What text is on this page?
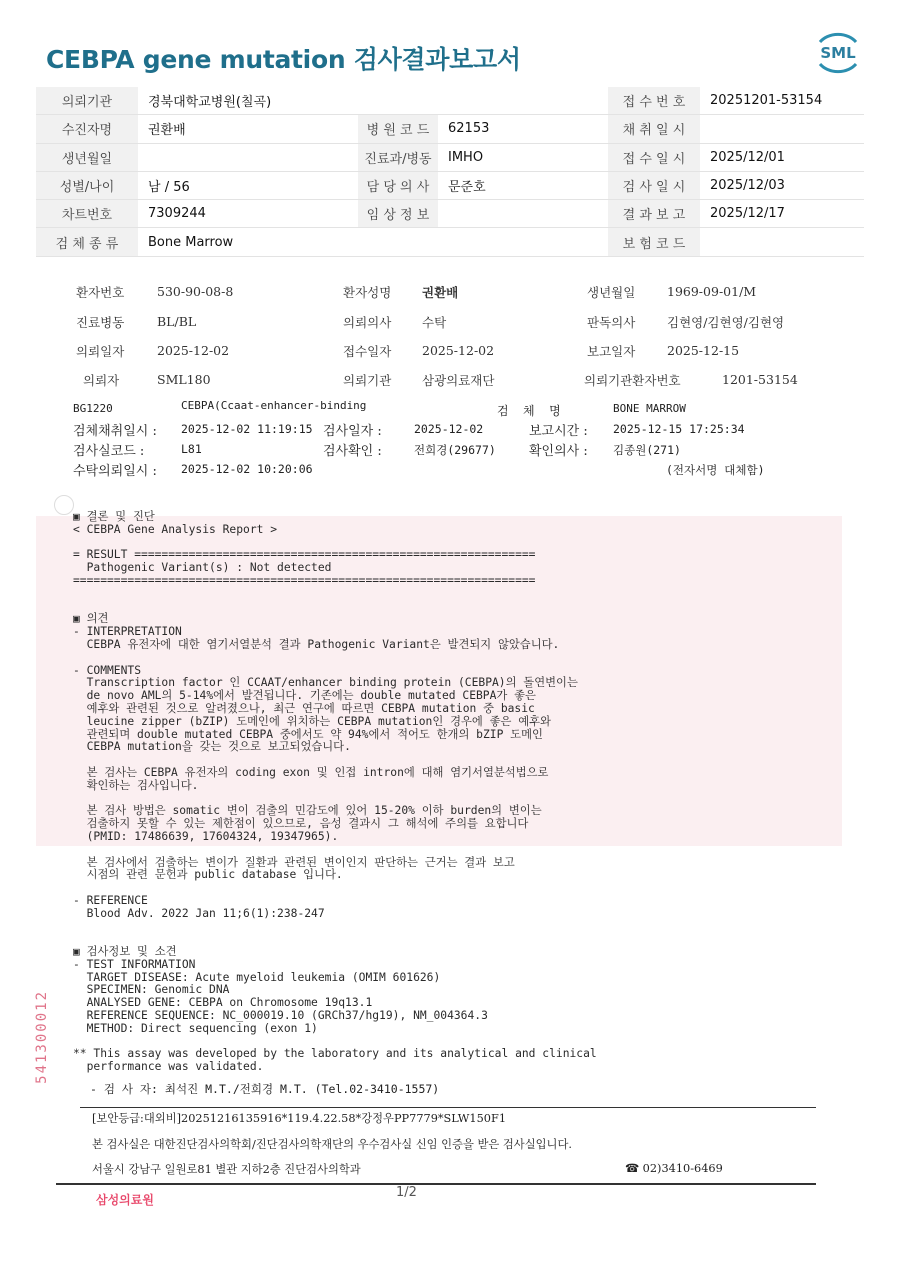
CEBPA gene mutation 검사결과보고서	SML
의뢰기관	경북대학교병원(칠곡)			접 수 번 호	20251201-53154
수진자명	권환배	병 원 코 드	62153	채 취 일 시	
생년월일		진료과/병동	IMHO	접 수 일 시	2025/12/01
성별/나이	남 / 56	담 당 의 사	문준호	검 사 일 시	2025/12/03
차트번호	7309244	임 상 정 보		결 과 보 고	2025/12/17
검 체 종 류	Bone Marrow			보 험 코 드	
환자번호	530-90-08-8	환자성명 권환배	생년월일	1969-09-01/M
진료병동	BL/BL	의뢰의사 수탁	판독의사	김현영/김현영/김현영
의뢰일자	2025-12-02	접수일자 2025-12-02	보고일자	2025-12-15
의뢰자	SML180	의뢰기관 삼광의료재단	의뢰기관환자번호	1201-53154
BG1220	CEBPA(Ccaat-enhancer-binding	검  체  명	BONE MARROW
검체채취일시 : 2025-12-02 11:19:15 검사일자 :	2025-12-02	보고시간 : 2025-12-15 17:25:34
검사실코드 :	L81	검사확인 :	전희경(29677)	확인의사 : 김종원(271)
수탁의뢰일시 : 2025-12-02 10:20:06	(전자서명 대체함)
▣ 결론 및 진단
< CEBPA Gene Analysis Report >

= RESULT ===========================================================
Pathogenic Variant(s) : Not detected
====================================================================

▣ 의견
- INTERPRETATION
CEBPA 유전자에 대한 염기서열분석 결과 Pathogenic Variant은 발견되지 않았습니다.

- COMMENTS
Transcription factor 인 CCAAT/enhancer binding protein (CEBPA)의 돌연변이는
de novo AML의 5-14%에서 발견됩니다. 기존에는 double mutated CEBPA가 좋은
예후와 관련된 것으로 알려졌으나, 최근 연구에 따르면 CEBPA mutation 중 basic
leucine zipper (bZIP) 도메인에 위치하는 CEBPA mutation인 경우에 좋은 예후와
관련되며 double mutated CEBPA 중에서도 약 94%에서 적어도 한개의 bZIP 도메인
CEBPA mutation을 갖는 것으로 보고되었습니다.

본 검사는 CEBPA 유전자의 coding exon 및 인접 intron에 대해 염기서열분석법으로
확인하는 검사입니다.

본 검사 방법은 somatic 변이 검출의 민감도에 있어 15-20% 이하 burden의 변이는
검출하지 못할 수 있는 제한점이 있으므로, 음성 결과시 그 해석에 주의를 요합니다
(PMID: 17486639, 17604324, 19347965).

본 검사에서 검출하는 변이가 질환과 관련된 변이인지 판단하는 근거는 결과 보고
시점의 관련 문헌과 public database 입니다.

- REFERENCE
Blood Adv. 2022 Jan 11;6(1):238-247

▣ 검사정보 및 소견
- TEST INFORMATION
TARGET DISEASE: Acute myeloid leukemia (OMIM 601626)
SPECIMEN: Genomic DNA
ANALYSED GENE: CEBPA on Chromosome 19q13.1
REFERENCE SEQUENCE: NC_000019.10 (GRCh37/hg19), NM_004364.3
METHOD: Direct sequencing (exon 1)

** This assay was developed by the laboratory and its analytical and clinical
performance was validated.
541300012
- 검 사 자: 최석진 M.T./전희경 M.T. (Tel.02-3410-1557)
[보안등급:대외비]20251216135916*119.4.22.58*강정우PP7779*SLW150F1
본 검사실은 대한진단검사의학회/진단검사의학재단의 우수검사실 신임 인증을 받은 검사실입니다.
서울시 강남구 일원로81 별관 지하2층 진단검사의학과	☎ 02)3410-6469
삼성의료원	1/2
